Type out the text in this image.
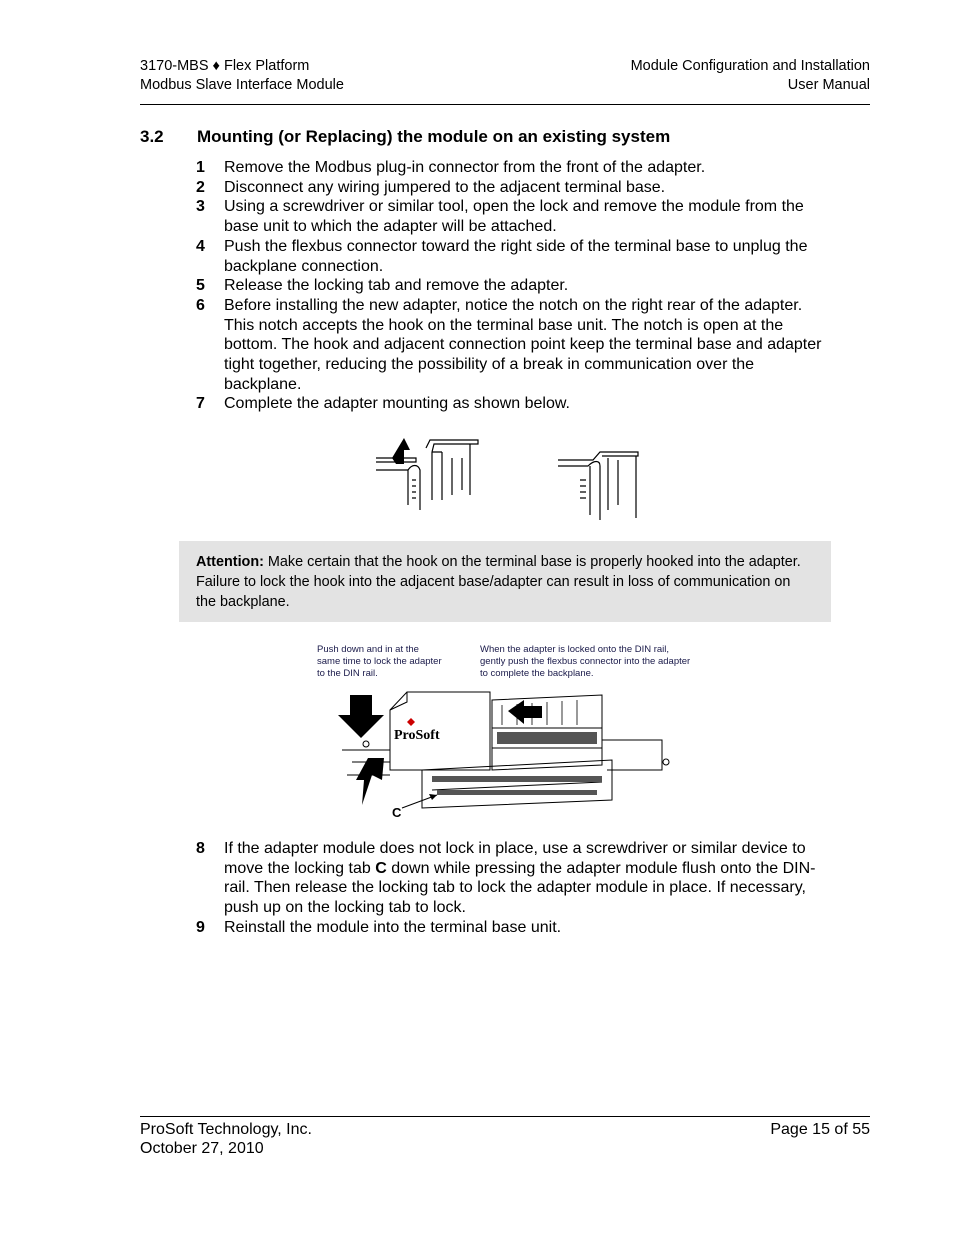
3170-MBS ♦ Flex Platform
Modbus Slave Interface Module
Module Configuration and Installation
User Manual
3.2 Mounting (or Replacing) the module on an existing system
1	Remove the Modbus plug-in connector from the front of the adapter.
2	Disconnect any wiring jumpered to the adjacent terminal base.
3	Using a screwdriver or similar tool, open the lock and remove the module from the base unit to which the adapter will be attached.
4	Push the flexbus connector toward the right side of the terminal base to unplug the backplane connection.
5	Release the locking tab and remove the adapter.
6	Before installing the new adapter, notice the notch on the right rear of the adapter. This notch accepts the hook on the terminal base unit. The notch is open at the bottom. The hook and adjacent connection point keep the terminal base and adapter tight together, reducing the possibility of a break in communication over the backplane.
7	Complete the adapter mounting as shown below.
Attention: Make certain that the hook on the terminal base is properly hooked into the adapter. Failure to lock the hook into the adjacent base/adapter can result in loss of communication on the backplane.
Push down and in at the same time to lock the adapter to the DIN rail.
When the adapter is locked onto the DIN rail, gently push the flexbus connector into the adapter to complete the backplane.
ProSoft
C
8	If the adapter module does not lock in place, use a screwdriver or similar device to move the locking tab C down while pressing the adapter module flush onto the DIN-rail. Then release the locking tab to lock the adapter module in place. If necessary, push up on the locking tab to lock.
9	Reinstall the module into the terminal base unit.
ProSoft Technology, Inc.
October 27, 2010
Page 15 of 55
